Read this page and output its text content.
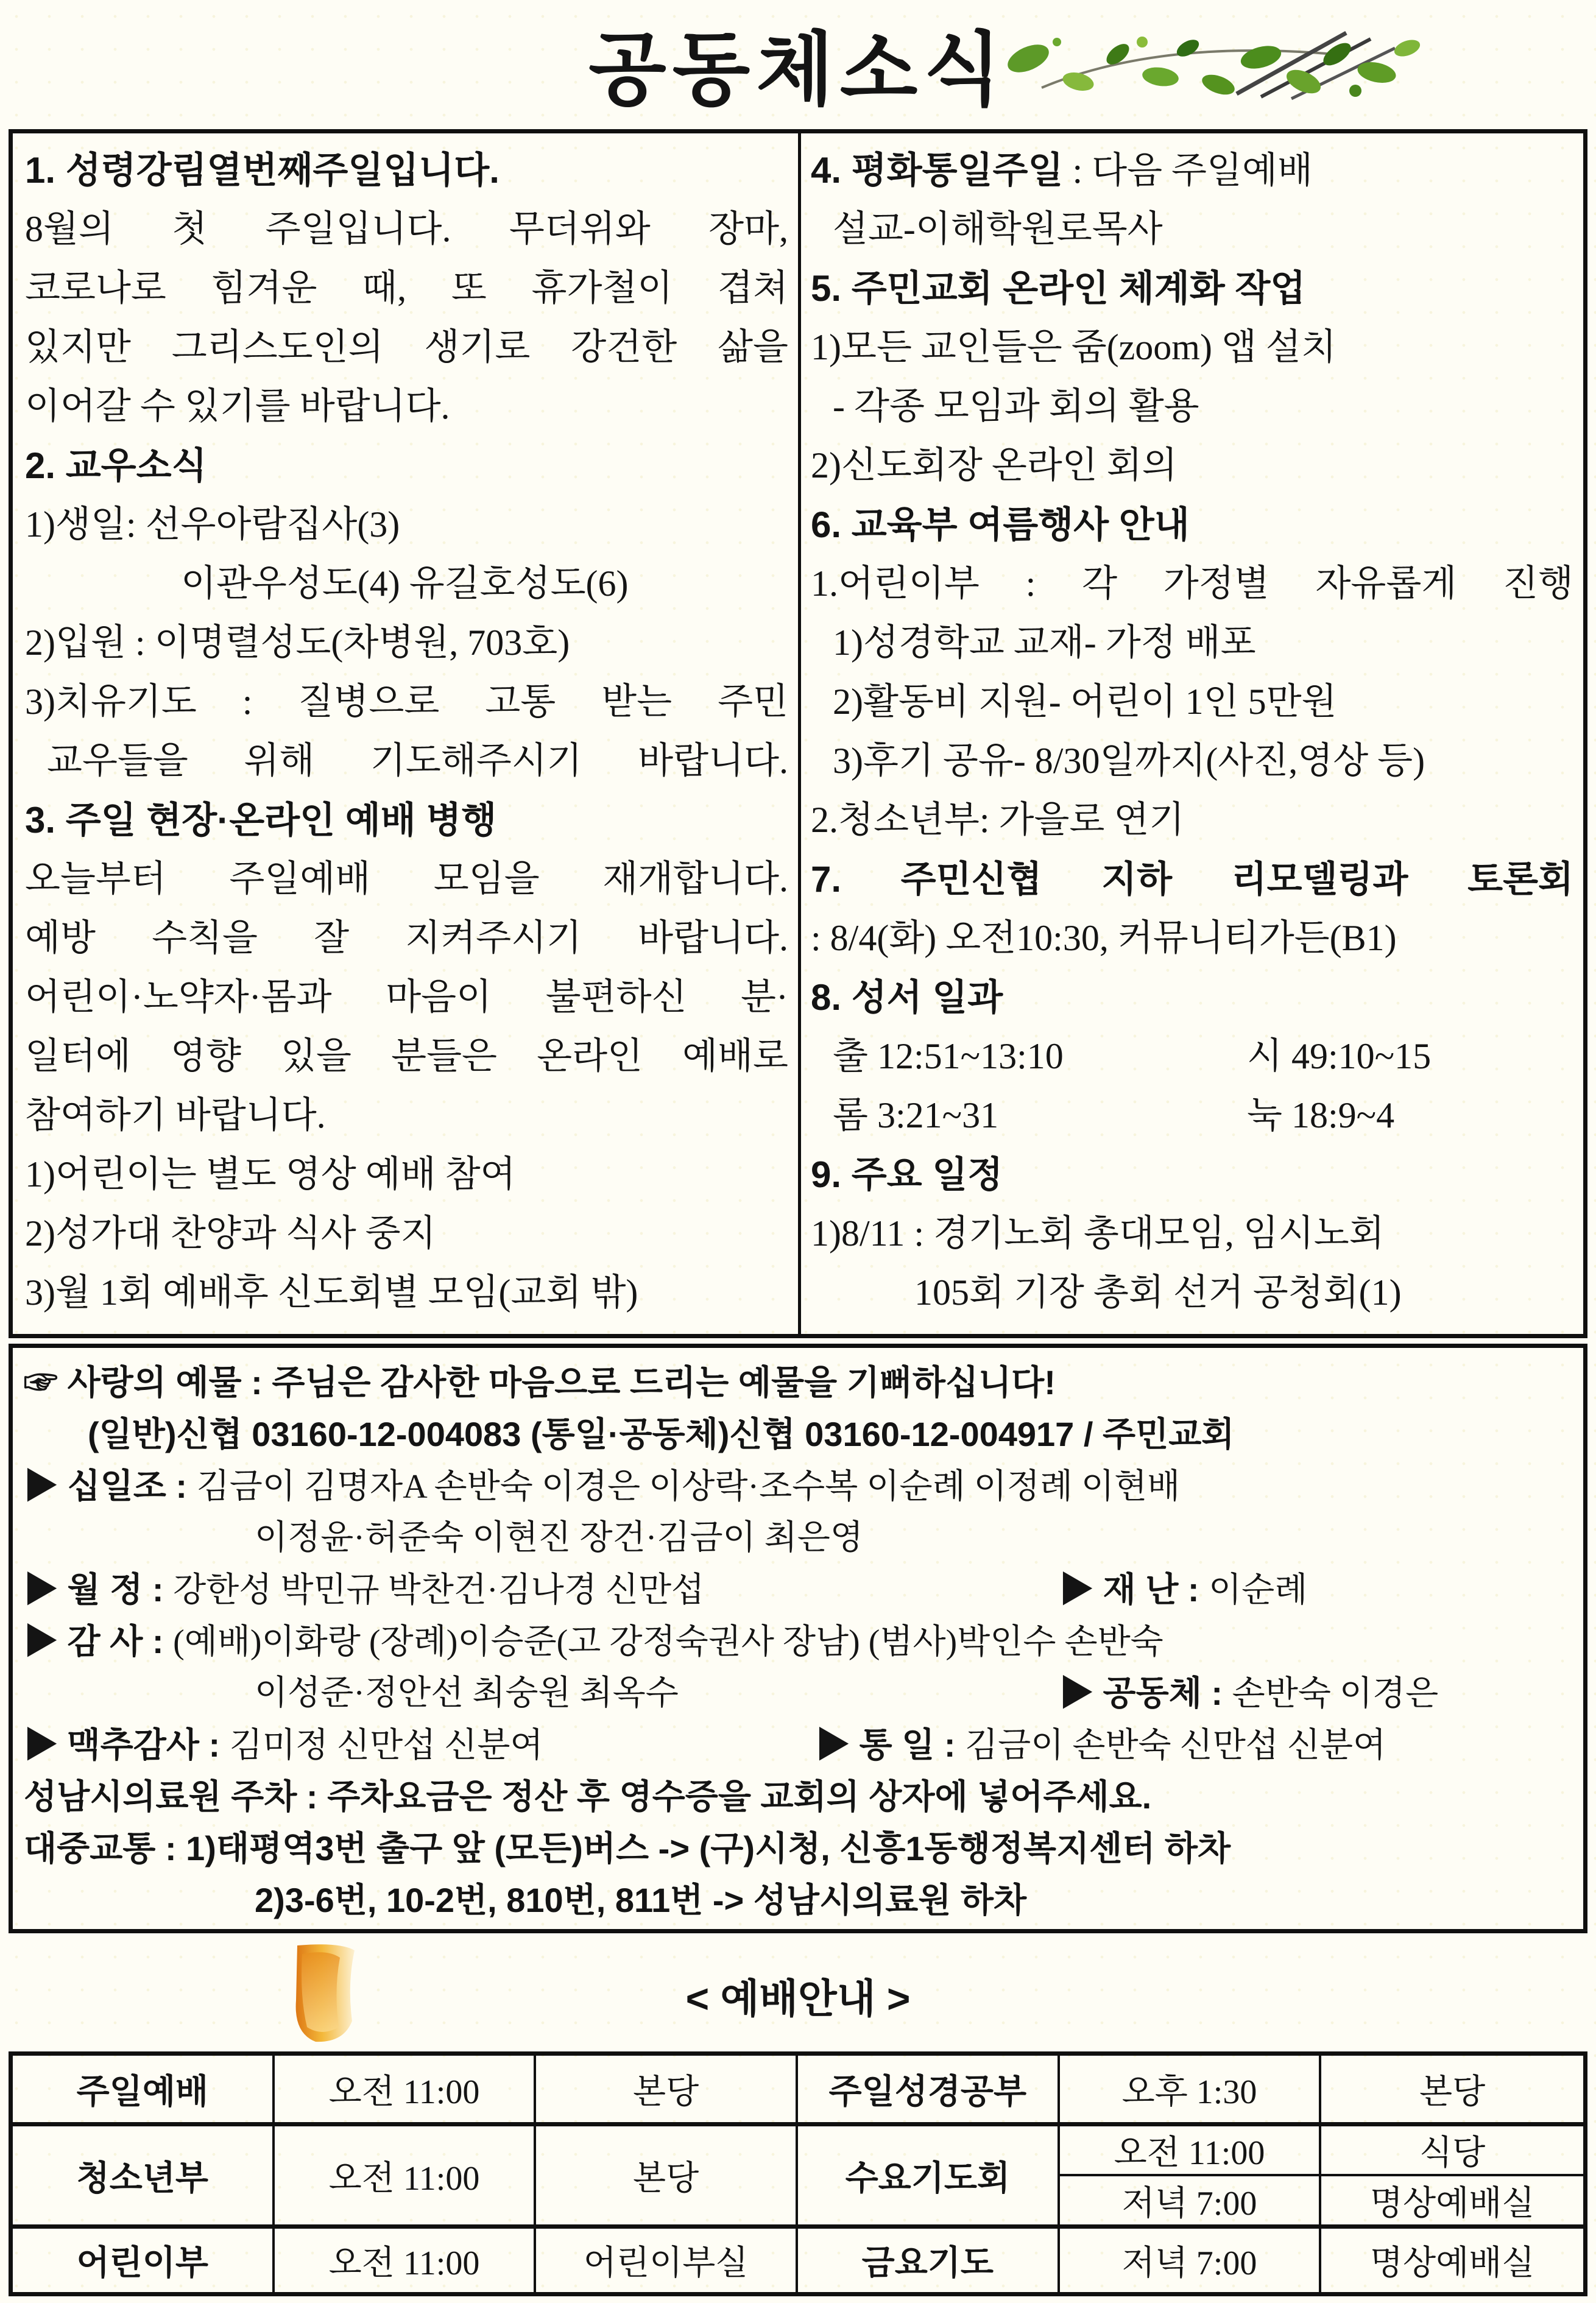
공동체소식
1. 성령강림열번째주일입니다.
8월의 첫 주일입니다. 무더위와 장마,
코로나로 힘겨운 때, 또 휴가철이 겹쳐
있지만 그리스도인의 생기로 강건한 삶을
이어갈 수 있기를 바랍니다.
2. 교우소식
1)생일: 선우아람집사(3)
이관우성도(4) 유길호성도(6)
2)입원 : 이명렬성도(차병원, 703호)
3)치유기도 : 질병으로 고통 받는 주민
교우들을 위해 기도해주시기 바랍니다.
3. 주일 현장·온라인 예배 병행
오늘부터 주일예배 모임을 재개합니다.
예방 수칙을 잘 지켜주시기 바랍니다.
어린이·노약자·몸과 마음이 불편하신 분·
일터에 영향 있을 분들은 온라인 예배로
참여하기 바랍니다.
1)어린이는 별도 영상 예배 참여
2)성가대 찬양과 식사 중지
3)월 1회 예배후 신도회별 모임(교회 밖)
4. 평화통일주일 : 다음 주일예배
설교-이해학원로목사
5. 주민교회 온라인 체계화 작업
1)모든 교인들은 줌(zoom) 앱 설치
- 각종 모임과 회의 활용
2)신도회장 온라인 회의
6. 교육부 여름행사 안내
1.어린이부 : 각 가정별 자유롭게 진행
1)성경학교 교재- 가정 배포
2)활동비 지원- 어린이 1인 5만원
3)후기 공유- 8/30일까지(사진,영상 등)
2.청소년부: 가을로 연기
7. 주민신협 지하 리모델링과 토론회
: 8/4(화) 오전10:30, 커뮤니티가든(B1)
8. 성서 일과
출 12:51~13:10	시 49:10~15
롬 3:21~31	눅 18:9~4
9. 주요 일정
1)8/11 : 경기노회 총대모임, 임시노회
105회 기장 총회 선거 공청회(1)
☞ 사랑의 예물 : 주님은 감사한 마음으로 드리는 예물을 기뻐하십니다!
(일반)신협 03160-12-004083 (통일·공동체)신협 03160-12-004917 / 주민교회
▶ 십일조 : 김금이 김명자A 손반숙 이경은 이상락·조수복 이순례 이정례 이현배
이정윤·허준숙 이현진 장건·김금이 최은영
▶ 월 정 : 강한성 박민규 박찬건·김나경 신만섭	▶ 재 난 : 이순례
▶ 감 사 : (예배)이화랑 (장례)이승준(고 강정숙권사 장남) (범사)박인수 손반숙
이성준·정안선 최숭원 최옥수	▶ 공동체 : 손반숙 이경은
▶ 맥추감사 : 김미정 신만섭 신분여	▶ 통 일 : 김금이 손반숙 신만섭 신분여
성남시의료원 주차 : 주차요금은 정산 후 영수증을 교회의 상자에 넣어주세요.
대중교통 : 1)태평역3번 출구 앞 (모든)버스 -> (구)시청, 신흥1동행정복지센터 하차
2)3-6번, 10-2번, 810번, 811번 -> 성남시의료원 하차
< 예배안내 >
주일예배	오전 11:00	본당	주일성경공부	오후 1:30	본당
청소년부	오전 11:00	본당	수요기도회
오전 11:00	식당
저녁 7:00	명상예배실
어린이부	오전 11:00	어린이부실	금요기도	저녁 7:00	명상예배실
